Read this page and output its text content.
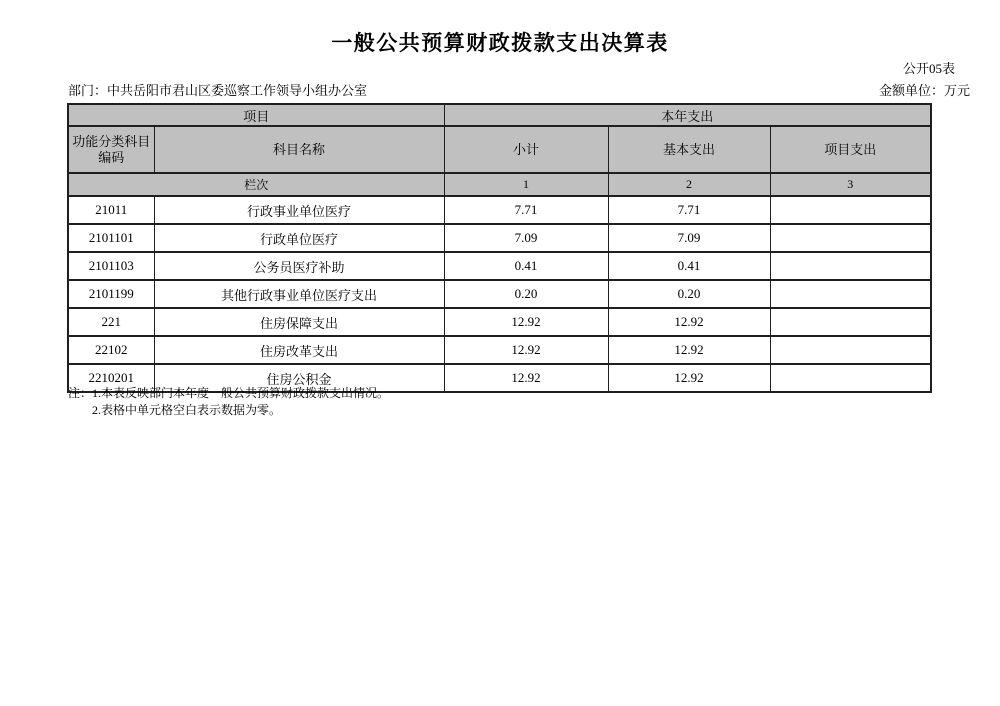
一般公共预算财政拨款支出决算表
公开05表
部门：中共岳阳市君山区委巡察工作领导小组办公室	金额单位：万元
项目		本年支出		
功能分类科目编码	科目名称	小计	基本支出	项目支出
栏次		1	2	3
21011	行政事业单位医疗	7.71	7.71	
2101101	行政单位医疗	7.09	7.09	
2101103	公务员医疗补助	0.41	0.41	
2101199	其他行政事业单位医疗支出	0.20	0.20	
221	住房保障支出	12.92	12.92	
22102	住房改革支出	12.92	12.92	
2210201	住房公积金	12.92	12.92	
注：1.本表反映部门本年度一般公共预算财政拨款支出情况。
2.表格中单元格空白表示数据为零。
